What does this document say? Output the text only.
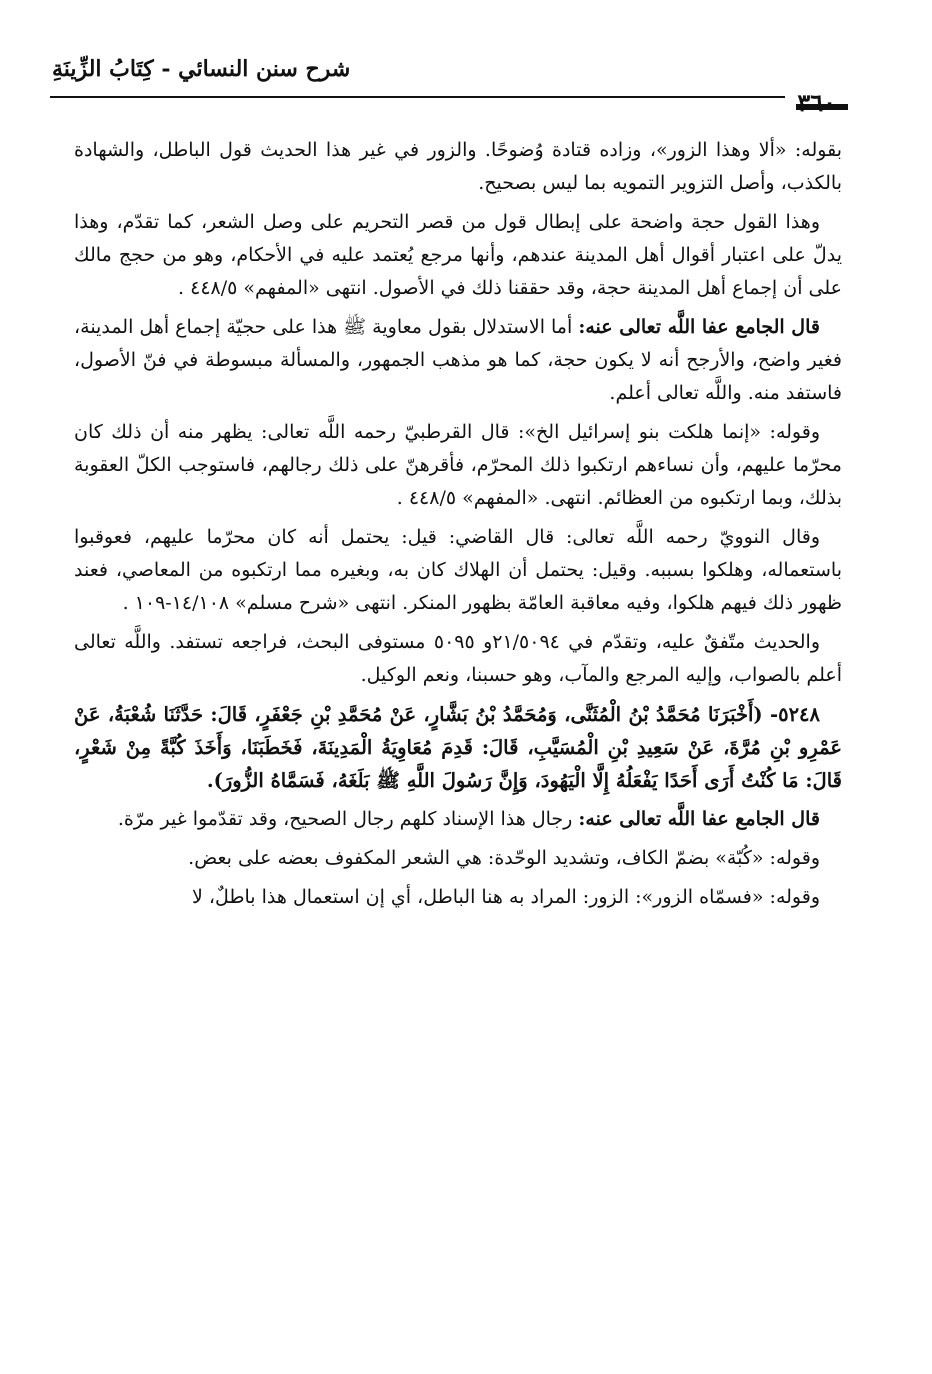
شرح سنن النسائي - كِتَابُ الزِّينَةِ
٣٦٠

بقوله: «ألا وهذا الزور»، وزاده قتادة وُضوحًا. والزور في غير هذا الحديث قول الباطل، والشهادة بالكذب، وأصل التزوير التمويه بما ليس بصحيح.

وهذا القول حجة واضحة على إبطال قول من قصر التحريم على وصل الشعر، كما تقدّم، وهذا يدلّ على اعتبار أقوال أهل المدينة عندهم، وأنها مرجع يُعتمد عليه في الأحكام، وهو من حجج مالك على أن إجماع أهل المدينة حجة، وقد حققنا ذلك في الأصول. انتهى «المفهم» ٤٤٨/٥ .

قال الجامع عفا اللَّه تعالى عنه: أما الاستدلال بقول معاوية ﷺ هذا على حجيّة إجماع أهل المدينة، فغير واضح، والأرجح أنه لا يكون حجة، كما هو مذهب الجمهور، والمسألة مبسوطة في فنّ الأصول، فاستفد منه. واللَّه تعالى أعلم.

وقوله: «إنما هلكت بنو إسرائيل الخ»: قال القرطبيّ رحمه اللَّه تعالى: يظهر منه أن ذلك كان محرّما عليهم، وأن نساءهم ارتكبوا ذلك المحرّم، فأقرهنّ على ذلك رجالهم، فاستوجب الكلّ العقوبة بذلك، وبما ارتكبوه من العظائم. انتهى. «المفهم» ٤٤٨/٥ .

وقال النوويّ رحمه اللَّه تعالى: قال القاضي: قيل: يحتمل أنه كان محرّما عليهم، فعوقبوا باستعماله، وهلكوا بسببه. وقيل: يحتمل أن الهلاك كان به، وبغيره مما ارتكبوه من المعاصي، فعند ظهور ذلك فيهم هلكوا، وفيه معاقبة العامّة بظهور المنكر. انتهى «شرح مسلم» ١٤/١٠٨-١٠٩ .

والحديث متّفقٌ عليه، وتقدّم في ٢١/٥٠٩٤و ٥٠٩٥ مستوفى البحث، فراجعه تستفد. واللَّه تعالى أعلم بالصواب، وإليه المرجع والمآب، وهو حسبنا، ونعم الوكيل.

٥٢٤٨- (أَخْبَرَنَا مُحَمَّدُ بْنُ الْمُثَنَّى، وَمُحَمَّدُ بْنُ بَشَّارٍ، عَنْ مُحَمَّدِ بْنِ جَعْفَرٍ، قَالَ: حَدَّثَنَا شُعْبَةُ، عَنْ عَمْرِو بْنِ مُرَّةَ، عَنْ سَعِيدِ بْنِ الْمُسَيَّبِ، قَالَ: قَدِمَ مُعَاوِيَةُ الْمَدِينَةَ، فَخَطَبَنَا، وَأَخَذَ كُبَّةً مِنْ شَعْرٍ، قَالَ: مَا كُنْتُ أَرَى أَحَدًا يَفْعَلُهُ إِلَّا الْيَهُودَ، وَإِنَّ رَسُولَ اللَّهِ ﷺ بَلَغَهُ، فَسَمَّاهُ الزُّورَ).

قال الجامع عفا اللَّه تعالى عنه: رجال هذا الإسناد كلهم رجال الصحيح، وقد تقدّموا غير مرّة.

وقوله: «كُبّة» بضمّ الكاف، وتشديد الوحّدة: هي الشعر المكفوف بعضه على بعض.

وقوله: «فسمّاه الزور»: الزور: المراد به هنا الباطل، أي إن استعمال هذا باطلٌ، لا
